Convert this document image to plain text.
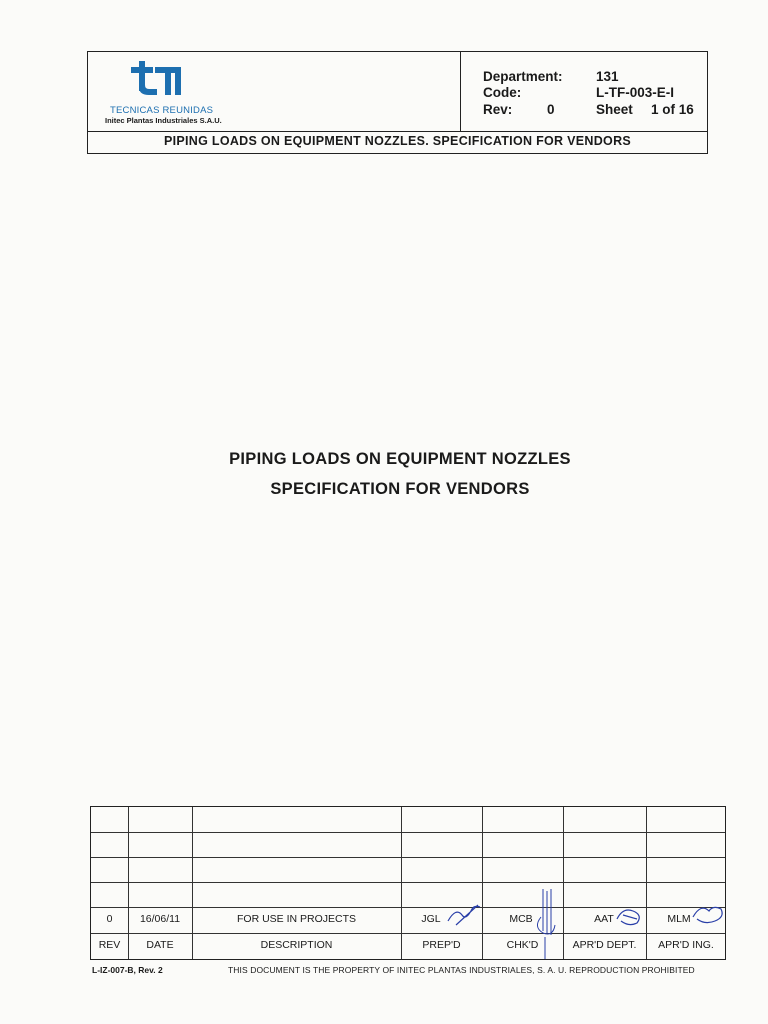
TECNICAS REUNIDAS
Initec Plantas Industriales S.A.U.
Department: 131
Code:	L-TF-003-E-I
Rev:	0	Sheet 1 of 16
PIPING LOADS ON EQUIPMENT NOZZLES. SPECIFICATION FOR VENDORS
PIPING LOADS ON EQUIPMENT NOZZLES
SPECIFICATION FOR VENDORS
0	16/06/11	FOR USE IN PROJECTS	JGL	MCB	AAT	MLM
REV	DATE	DESCRIPTION	PREP'D	CHK'D	APR'D DEPT.	APR'D ING.
L-IZ-007-B, Rev. 2	THIS DOCUMENT IS THE PROPERTY OF INITEC PLANTAS INDUSTRIALES, S. A. U. REPRODUCTION PROHIBITED
